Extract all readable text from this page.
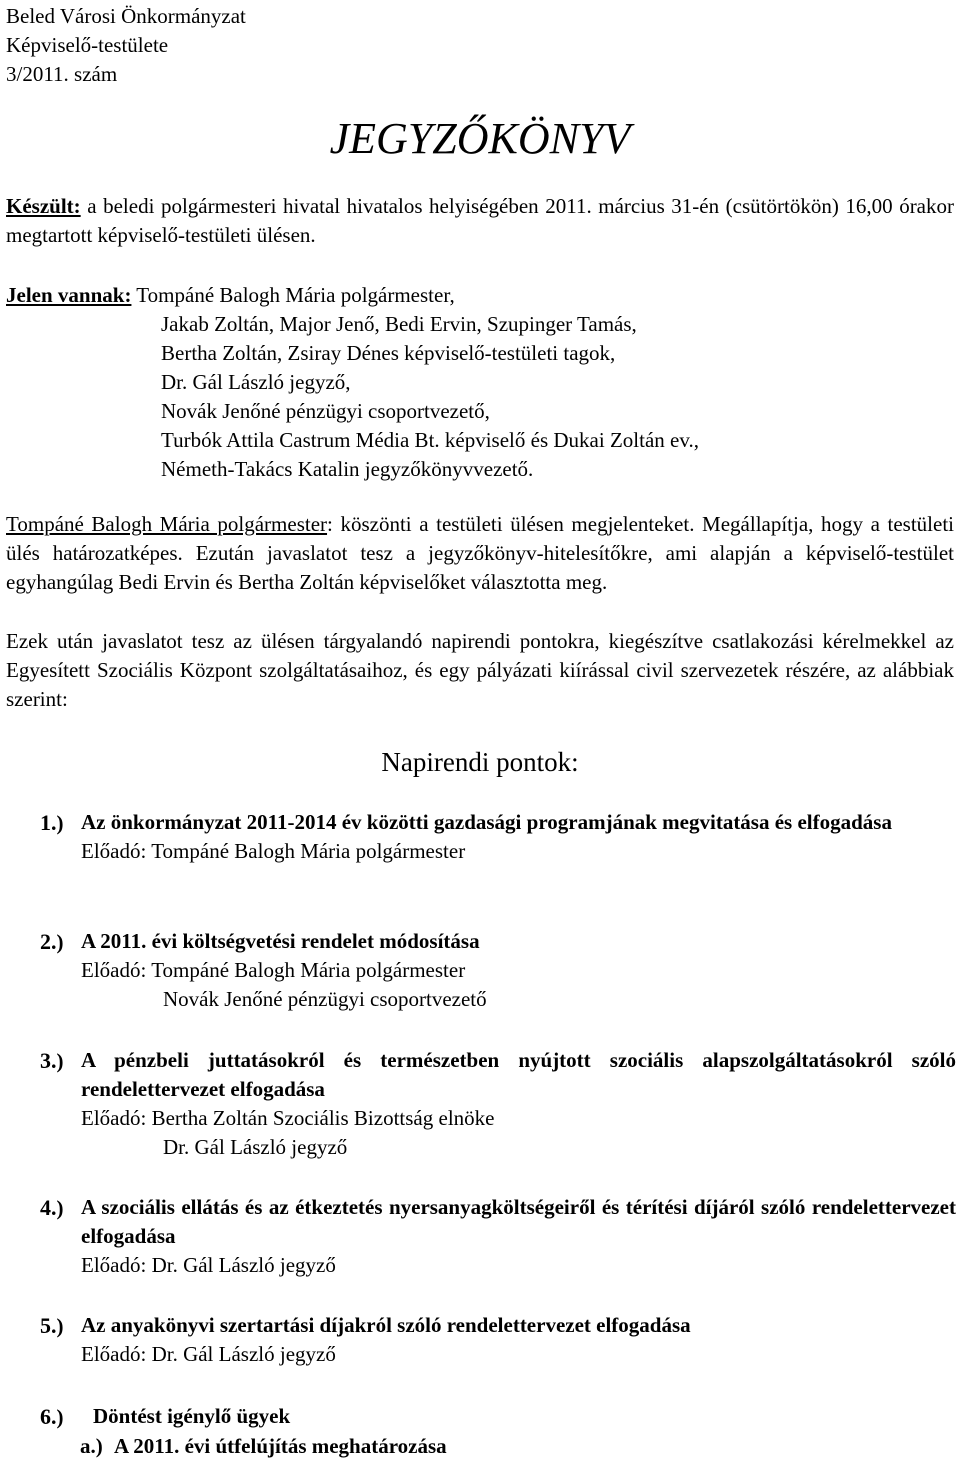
Beled Városi Önkormányzat
Képviselő-testülete
3/2011. szám
JEGYZŐKÖNYV
Készült: a beledi polgármesteri hivatal hivatalos helyiségében 2011. március 31-én (csütörtökön) 16,00 órakor megtartott képviselő-testületi ülésen.
Jelen vannak: Tompáné Balogh Mária polgármester,
Jakab Zoltán, Major Jenő, Bedi Ervin, Szupinger Tamás,
Bertha Zoltán, Zsiray Dénes képviselő-testületi tagok,
Dr. Gál László jegyző,
Novák Jenőné pénzügyi csoportvezető,
Turbók Attila Castrum Média Bt. képviselő és Dukai Zoltán ev.,
Németh-Takács Katalin jegyzőkönyvvezető.
Tompáné Balogh Mária polgármester: köszönti a testületi ülésen megjelenteket. Megállapítja, hogy a testületi ülés határozatképes. Ezután javaslatot tesz a jegyzőkönyv-hitelesítőkre, ami alapján a képviselő-testület egyhangúlag Bedi Ervin és Bertha Zoltán képviselőket választotta meg.
Ezek után javaslatot tesz az ülésen tárgyalandó napirendi pontokra, kiegészítve csatlakozási kérelmekkel az Egyesített Szociális Központ szolgáltatásaihoz, és egy pályázati kiírással civil szervezetek részére, az alábbiak szerint:
Napirendi pontok:
1.) Az önkormányzat 2011-2014 év közötti gazdasági programjának megvitatása és elfogadása
Előadó: Tompáné Balogh Mária polgármester
2.) A 2011. évi költségvetési rendelet módosítása
Előadó: Tompáné Balogh Mária polgármester
Novák Jenőné pénzügyi csoportvezető
3.) A pénzbeli juttatásokról és természetben nyújtott szociális alapszolgáltatásokról szóló rendelettervezet elfogadása
Előadó: Bertha Zoltán Szociális Bizottság elnöke
Dr. Gál László jegyző
4.) A szociális ellátás és az étkeztetés nyersanyagköltségeiről és térítési díjáról szóló rendelettervezet elfogadása
Előadó: Dr. Gál László jegyző
5.) Az anyakönyvi szertartási díjakról szóló rendelettervezet elfogadása
Előadó: Dr. Gál László jegyző
6.) Döntést igénylő ügyek
a.) A 2011. évi útfelújítás meghatározása
